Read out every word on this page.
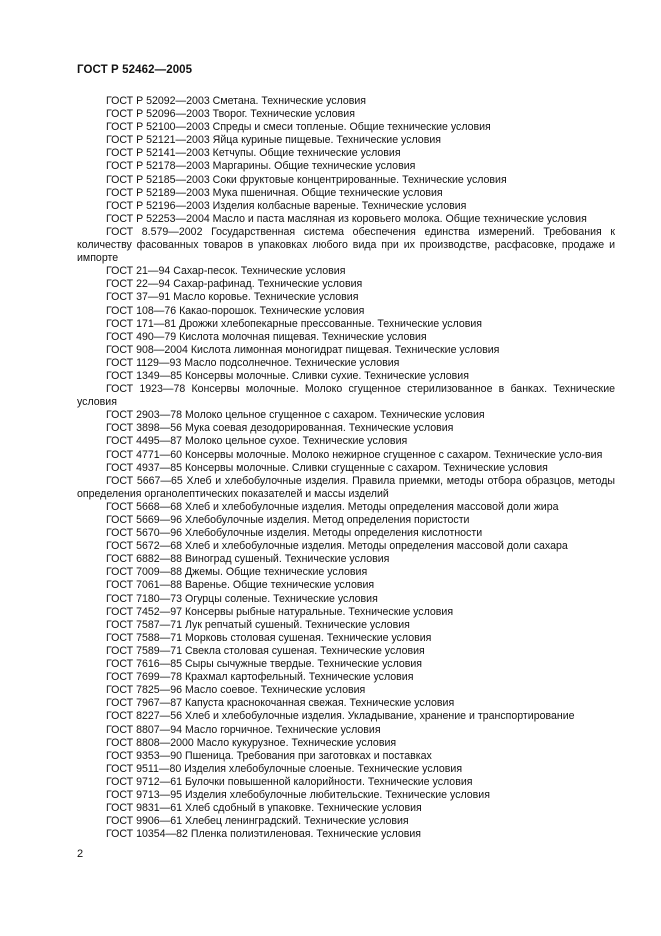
ГОСТ Р 52462—2005

ГОСТ Р 52092—2003 Сметана. Технические условия

ГОСТ Р 52096—2003 Творог. Технические условия

ГОСТ Р 52100—2003 Спреды и смеси топленые. Общие технические условия

ГОСТ Р 52121—2003 Яйца куриные пищевые. Технические условия

ГОСТ Р 52141—2003 Кетчупы. Общие технические условия

ГОСТ Р 52178—2003 Маргарины. Общие технические условия

ГОСТ Р 52185—2003 Соки фруктовые концентрированные. Технические условия

ГОСТ Р 52189—2003 Мука пшеничная. Общие технические условия

ГОСТ Р 52196—2003 Изделия колбасные вареные. Технические условия

ГОСТ Р 52253—2004 Масло и паста масляная из коровьего молока. Общие технические условия

ГОСТ 8.579—2002 Государственная система обеспечения единства измерений. Требования к количеству фасованных товаров в упаковках любого вида при их производстве, расфасовке, продаже и импорте

ГОСТ 21—94 Сахар-песок. Технические условия

ГОСТ 22—94 Сахар-рафинад. Технические условия

ГОСТ 37—91 Масло коровье. Технические условия

ГОСТ 108—76 Какао-порошок. Технические условия

ГОСТ 171—81 Дрожжи хлебопекарные прессованные. Технические условия

ГОСТ 490—79 Кислота молочная пищевая. Технические условия

ГОСТ 908—2004 Кислота лимонная моногидрат пищевая. Технические условия

ГОСТ 1129—93 Масло подсолнечное. Технические условия

ГОСТ 1349—85 Консервы молочные. Сливки сухие. Технические условия

ГОСТ 1923—78 Консервы молочные. Молоко сгущенное стерилизованное в банках. Технические условия

ГОСТ 2903—78 Молоко цельное сгущенное с сахаром. Технические условия

ГОСТ 3898—56 Мука соевая дезодорированная. Технические условия

ГОСТ 4495—87 Молоко цельное сухое. Технические условия

ГОСТ 4771—60 Консервы молочные. Молоко нежирное сгущенное с сахаром. Технические усло-вия

ГОСТ 4937—85 Консервы молочные. Сливки сгущенные с сахаром. Технические условия

ГОСТ 5667—65 Хлеб и хлебобулочные изделия. Правила приемки, методы отбора образцов, методы определения органолептических показателей и массы изделий

ГОСТ 5668—68 Хлеб и хлебобулочные изделия. Методы определения массовой доли жира

ГОСТ 5669—96 Хлебобулочные изделия. Метод определения пористости

ГОСТ 5670—96 Хлебобулочные изделия. Методы определения кислотности

ГОСТ 5672—68 Хлеб и хлебобулочные изделия. Методы определения массовой доли сахара

ГОСТ 6882—88 Виноград сушеный. Технические условия

ГОСТ 7009—88 Джемы. Общие технические условия

ГОСТ 7061—88 Варенье. Общие технические условия

ГОСТ 7180—73 Огурцы соленые. Технические условия

ГОСТ 7452—97 Консервы рыбные натуральные. Технические условия

ГОСТ 7587—71 Лук репчатый сушеный. Технические условия

ГОСТ 7588—71 Морковь столовая сушеная. Технические условия

ГОСТ 7589—71 Свекла столовая сушеная. Технические условия

ГОСТ 7616—85 Сыры сычужные твердые. Технические условия

ГОСТ 7699—78 Крахмал картофельный. Технические условия

ГОСТ 7825—96 Масло соевое. Технические условия

ГОСТ 7967—87 Капуста краснокочанная свежая. Технические условия

ГОСТ 8227—56 Хлеб и хлебобулочные изделия. Укладывание, хранение и транспортирование

ГОСТ 8807—94 Масло горчичное. Технические условия

ГОСТ 8808—2000 Масло кукурузное. Технические условия

ГОСТ 9353—90 Пшеница. Требования при заготовках и поставках

ГОСТ 9511—80 Изделия хлебобулочные слоеные. Технические условия

ГОСТ 9712—61 Булочки повышенной калорийности. Технические условия

ГОСТ 9713—95 Изделия хлебобулочные любительские. Технические условия

ГОСТ 9831—61 Хлеб сдобный в упаковке. Технические условия

ГОСТ 9906—61 Хлебец ленинградский. Технические условия

ГОСТ 10354—82 Пленка полиэтиленовая. Технические условия

2
